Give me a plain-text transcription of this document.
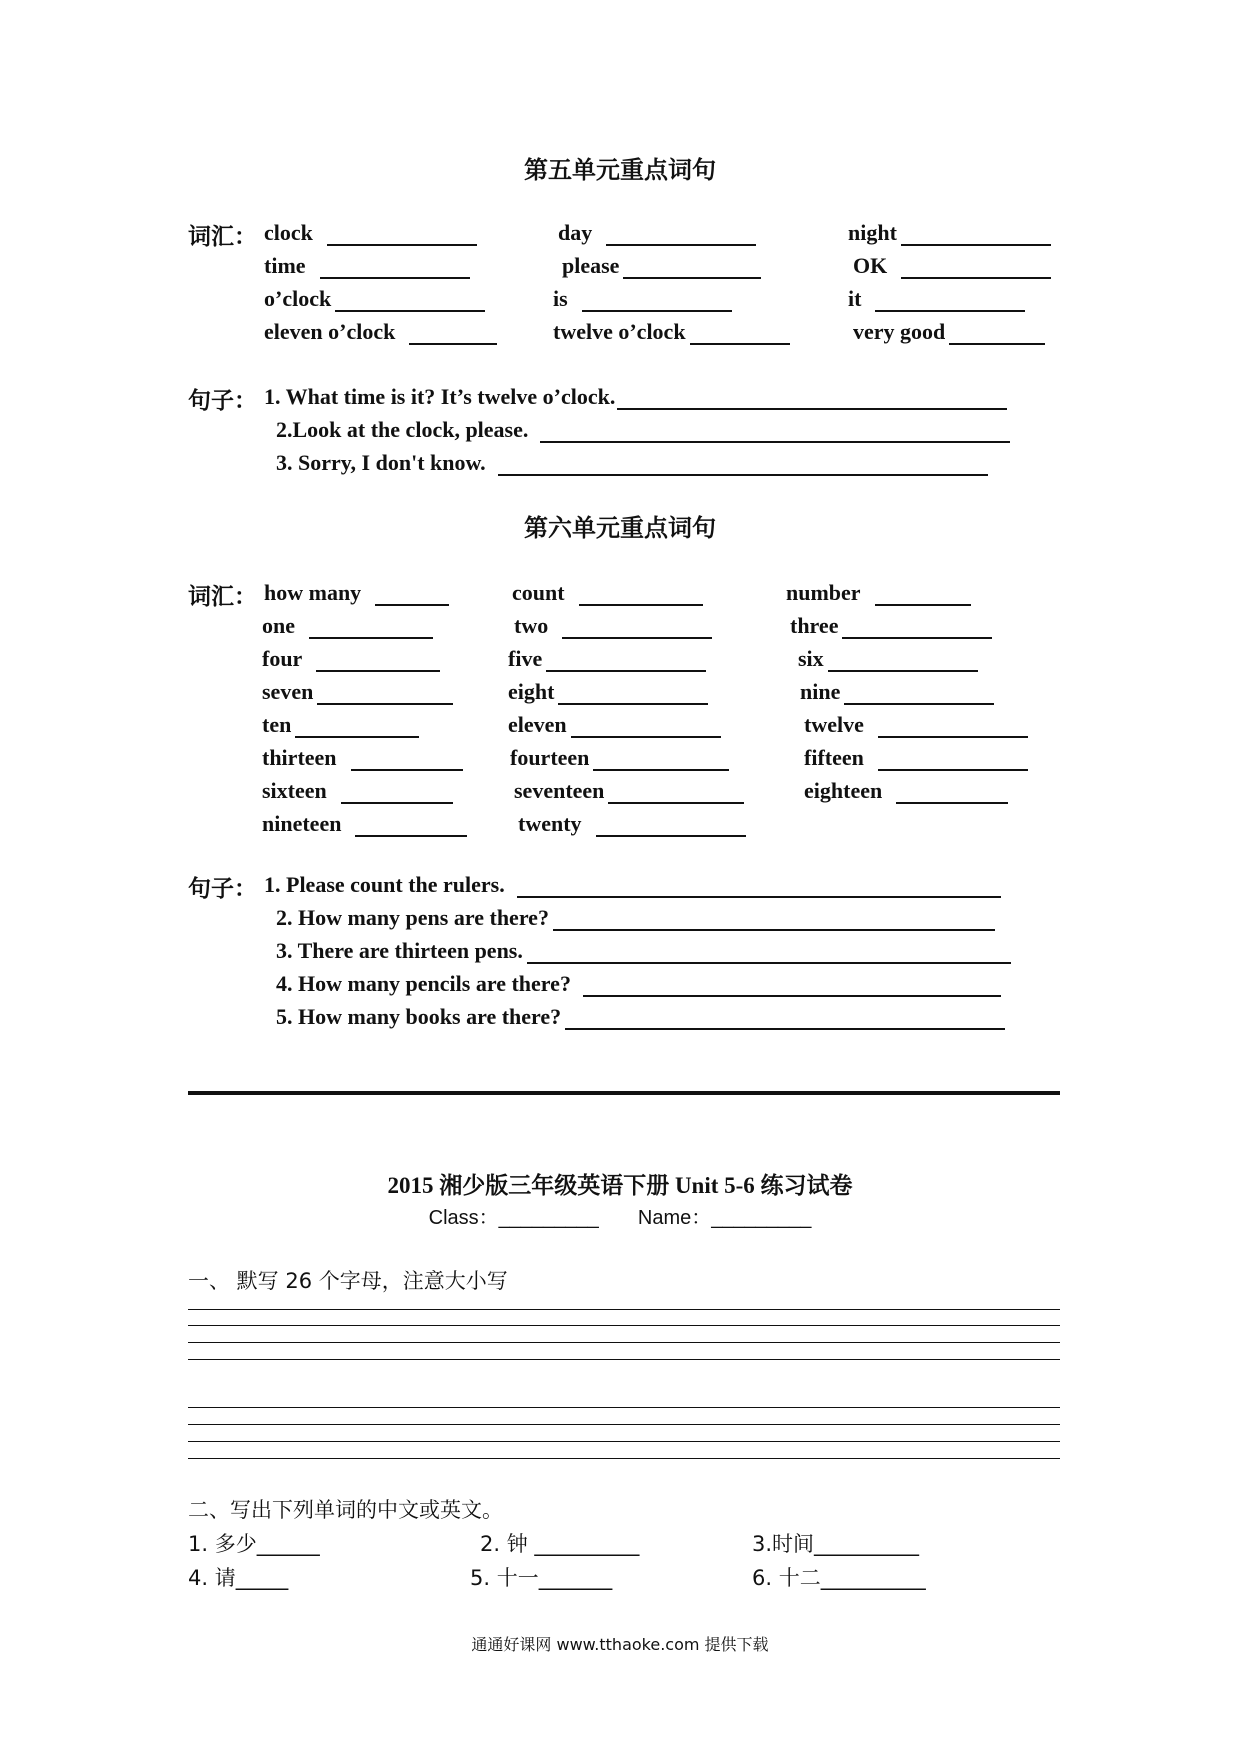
第五单元重点词句
词汇： clock	day	night
time	please	OK
o’clock	is	it
eleven o’clock	twelve o’clock	very good
句子： 1. What time is it? It’s twelve o’clock.
2.Look at the clock, please.
3. Sorry, I don't know.
第六单元重点词句
词汇： how many	count	number
one	two	three
four	five	six
seven	eight	nine
ten	eleven	twelve
thirteen	fourteen	fifteen
sixteen	seventeen	eighteen
nineteen	twenty
句子： 1. Please count the rulers.
2. How many pens are there?
3. There are thirteen pens.
4. How many pencils are there?
5. How many books are there?
2015 湘少版三年级英语下册 Unit 5-6 练习试卷
Class：_________ Name：_________
一、 默写 26 个字母，注意大小写
二、写出下列单词的中文或英文。
1. 多少______	2. 钟 __________	3.时间__________
4. 请_____	5. 十一_______	6. 十二__________
通通好课网 www.tthaoke.com 提供下载
